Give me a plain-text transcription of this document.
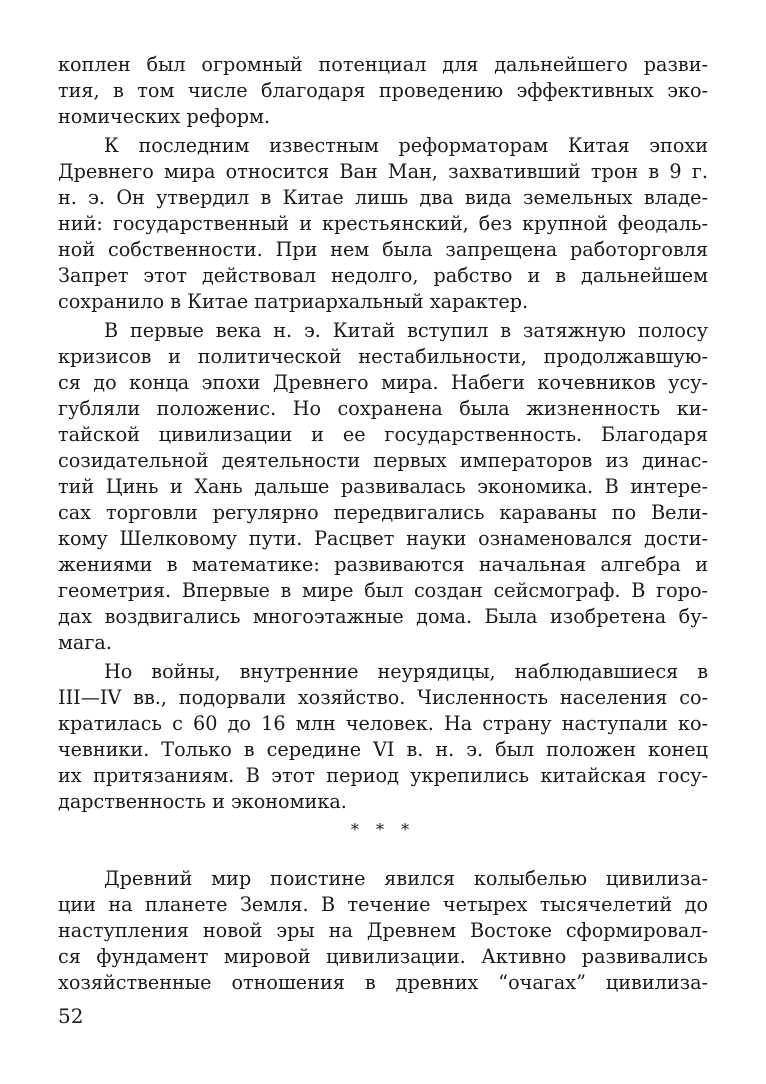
коплен был огромный потенциал для дальнейшего разви-
тия, в том числе благодаря проведению эффективных эко-
номических реформ.
К последним известным реформаторам Китая эпохи
Древнего мира относится Ван Ман, захвативший трон в 9 г.
н. э. Он утвердил в Китае лишь два вида земельных владе-
ний: государственный и крестьянский, без крупной феодаль-
ной собственности. При нем была запрещена работорговля
Запрет этот действовал недолго, рабство и в дальнейшем
сохранило в Китае патриархальный характер.
В первые века н. э. Китай вступил в затяжную полосу
кризисов и политической нестабильности, продолжавшую-
ся до конца эпохи Древнего мира. Набеги кочевников усу-
губляли положенис. Но сохранена была жизненность ки-
тайской цивилизации и ее государственность. Благодаря
созидательной деятельности первых императоров из динас-
тий Цинь и Хань дальше развивалась экономика. В интере-
сах торговли регулярно передвигались караваны по Вели-
кому Шелковому пути. Расцвет науки ознаменовался дости-
жениями в математике: развиваются начальная алгебра и
геометрия. Впервые в мире был создан сейсмограф. В горо-
дах воздвигались многоэтажные дома. Была изобретена бу-
мага.
Но войны, внутренние неурядицы, наблюдавшиеся в
III—IV вв., подорвали хозяйство. Численность населения со-
кратилась с 60 до 16 млн человек. На страну наступали ко-
чевники. Только в середине VI в. н. э. был положен конец
их притязаниям. В этот период укрепились китайская госу-
дарственность и экономика.
* * *
Древний мир поистине явился колыбелью цивилиза-
ции на планете Земля. В течение четырех тысячелетий до
наступления новой эры на Древнем Востоке сформировал-
ся фундамент мировой цивилизации. Активно развивались
хозяйственные отношения в древних “очагах” цивилиза-
52
